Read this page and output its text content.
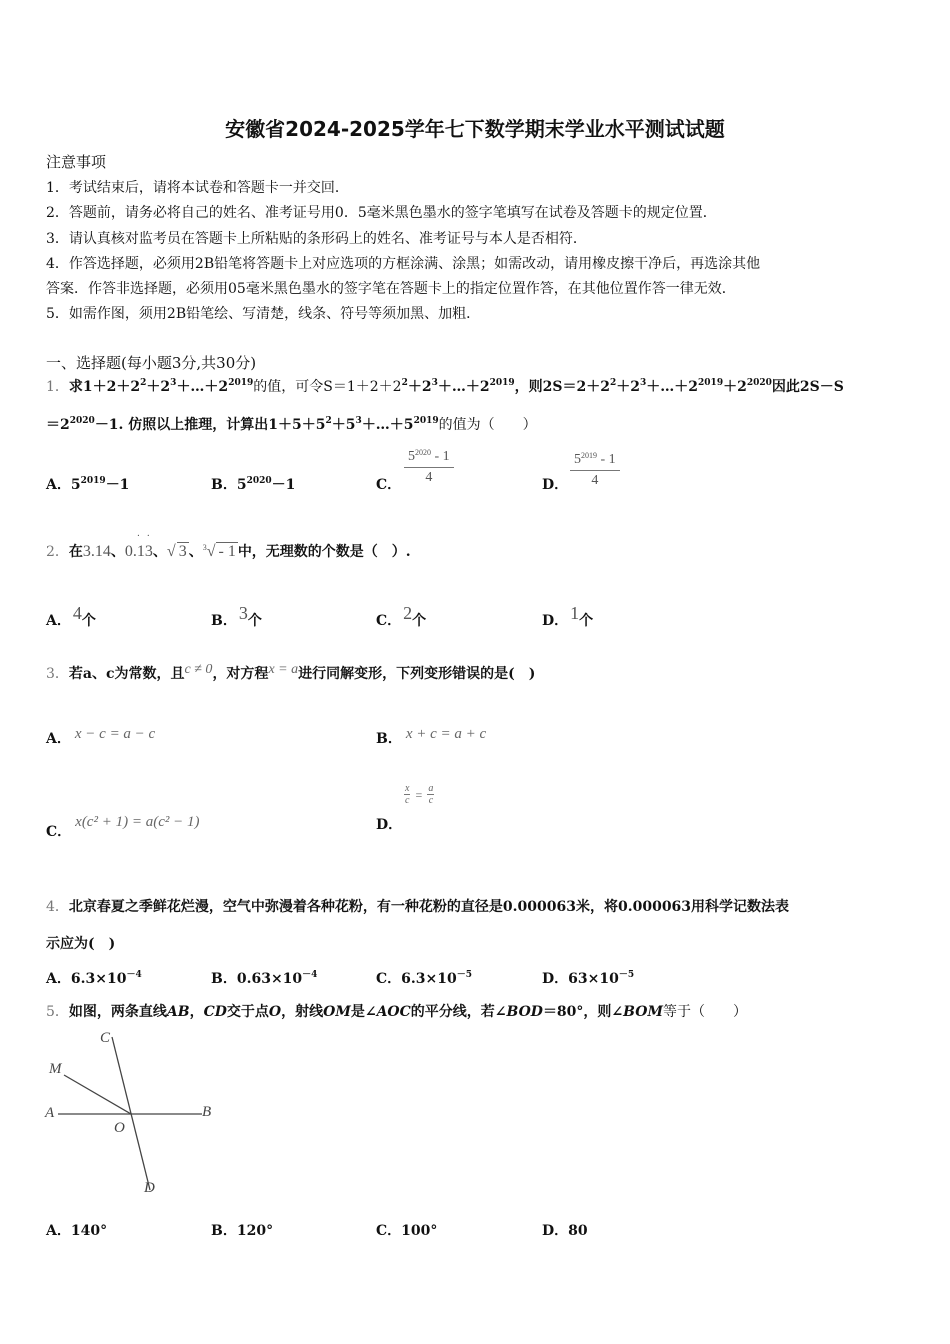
安徽省2024-2025学年七下数学期末学业水平测试试题
注意事项
1．考试结束后，请将本试卷和答题卡一并交回．
2．答题前，请务必将自己的姓名、准考证号用0．5毫米黑色墨水的签字笔填写在试卷及答题卡的规定位置．
3．请认真核对监考员在答题卡上所粘贴的条形码上的姓名、准考证号与本人是否相符．
4．作答选择题，必须用2B铅笔将答题卡上对应选项的方框涂满、涂黑；如需改动，请用橡皮擦干净后，再选涂其他
答案．作答非选择题，必须用05毫米黑色墨水的签字笔在答题卡上的指定位置作答，在其他位置作答一律无效．
5．如需作图，须用2B铅笔绘、写清楚，线条、符号等须加黑、加粗．
一、选择题(每小题3分,共30分)
1．求$1+2+2^2+2^3+\dots+2^{2019}$的值，可令$S=1+2+2^2+2^3+\dots+2^{2019}$，则$2S=2+2^2+2^3+\dots+2^{2019}+2^{2020}$因此2S－S
$=2^{2020}-1$. 仿照以上推理，计算出$1+5+5^2+5^3+\dots+5^{2019}$的值为（　　）
A．$5^{2019}-1$	B．$5^{2020}-1$	C． $\frac{5^{2020} - 1}{4}$	D． $\frac{5^{2019} - 1}{4}$
2．在3.14、0.13
· ·
、√ 3 、$^3$√ - 1 中，无理数的个数是（　）.
A． 4个	B． 3个	C． 2个	D． 1个
3．若a、c为常数，且c ≠ 0，对方程x = a进行同解变形，下列变形错误的是(　)
A． x − c = a − c	B． x + c = a + c
C．x(c² + 1) = a(c² − 1)	D．
$\frac{x}{c} ^= \frac{a}{c}$
4．北京春夏之季鲜花烂漫，空气中弥漫着各种花粉，有一种花粉的直径是0.000063米，将0.000063用科学记数法表
示应为(　)
A．$6.3\times 10^{-4}$	B．$0.63\times 10^{-4}$	C．$6.3\times 10^{-5}$	D．$63\times 10^{-5}$
5．如图，两条直线AB，CD交于点O，射线OM是∠AOC的平分线，若∠BOD＝80°，则∠BOM等于（　　）
C
M
A
O
B
D
A．140°	B．120°	C．100°	D．80
